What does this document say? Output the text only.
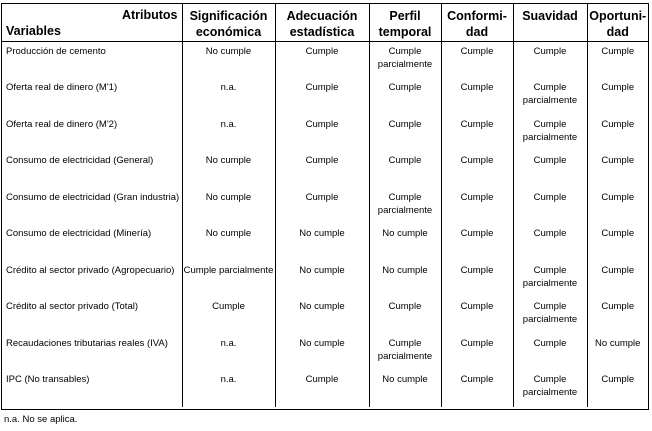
Atributos
Variables	Significación económica	Adecuación estadística	Perfil temporal	Conformi- dad	Suavidad	Oportuni- dad
Producción de cemento	No cumple	Cumple	Cumple parcialmente	Cumple	Cumple	Cumple
Oferta real de dinero (M'1)	n.a.	Cumple	Cumple	Cumple	Cumple parcialmente	Cumple
Oferta real de dinero (M'2)	n.a.	Cumple	Cumple	Cumple	Cumple parcialmente	Cumple
Consumo de electricidad (General)	No cumple	Cumple	Cumple	Cumple	Cumple	Cumple
Consumo de electricidad (Gran industria)	No cumple	Cumple	Cumple parcialmente	Cumple	Cumple	Cumple
Consumo de electricidad (Minería)	No cumple	No cumple	No cumple	Cumple	Cumple	Cumple
Crédito al sector privado (Agropecuario)	Cumple parcialmente	No cumple	No cumple	Cumple	Cumple parcialmente	Cumple
Crédito al sector privado (Total)	Cumple	No cumple	Cumple	Cumple	Cumple parcialmente	Cumple
Recaudaciones tributarias reales (IVA)	n.a.	No cumple	Cumple parcialmente	Cumple	Cumple	No cumple
IPC (No transables)	n.a.	Cumple	No cumple	Cumple	Cumple parcialmente	Cumple
n.a. No se aplica.
